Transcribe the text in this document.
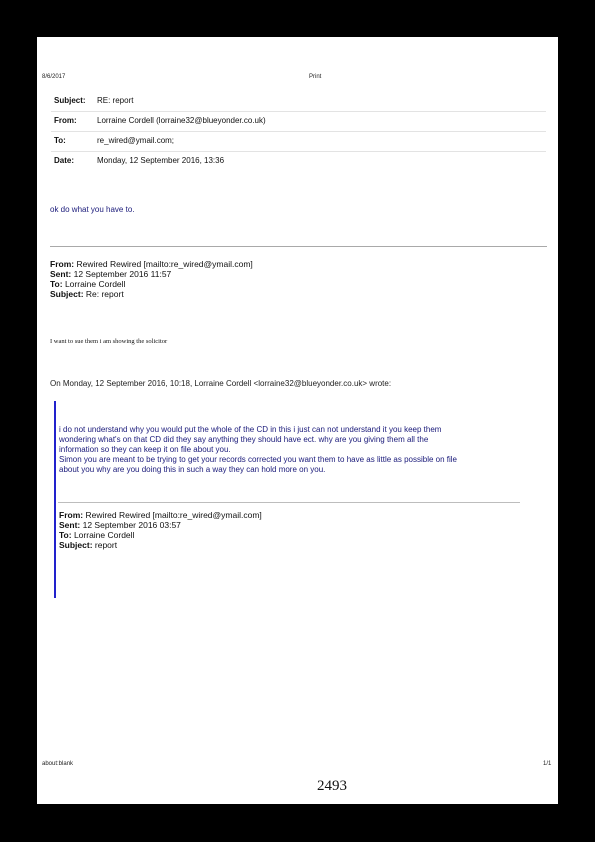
8/6/2017	Print
Subject: RE: report
From:	Lorraine Cordell (lorraine32@blueyonder.co.uk)
To:	re_wired@ymail.com;
Date:	Monday, 12 September 2016, 13:36
ok do what you have to.
From: Rewired Rewired [mailto:re_wired@ymail.com]
Sent: 12 September 2016 11:57
To: Lorraine Cordell
Subject: Re: report
I want to sue them i am showing the solicitor
On Monday, 12 September 2016, 10:18, Lorraine Cordell <lorraine32@blueyonder.co.uk> wrote:
i do not understand why you would put the whole of the CD in this i just can not understand it you keep them
wondering what's on that CD did they say anything they should have ect. why are you giving them all the
information so they can keep it on file about you.
Simon you are meant to be trying to get your records corrected you want them to have as little as possible on file
about you why are you doing this in such a way they can hold more on you.
From: Rewired Rewired [mailto:re_wired@ymail.com]
Sent: 12 September 2016 03:57
To: Lorraine Cordell
Subject: report
about:blank	1/1
2493
